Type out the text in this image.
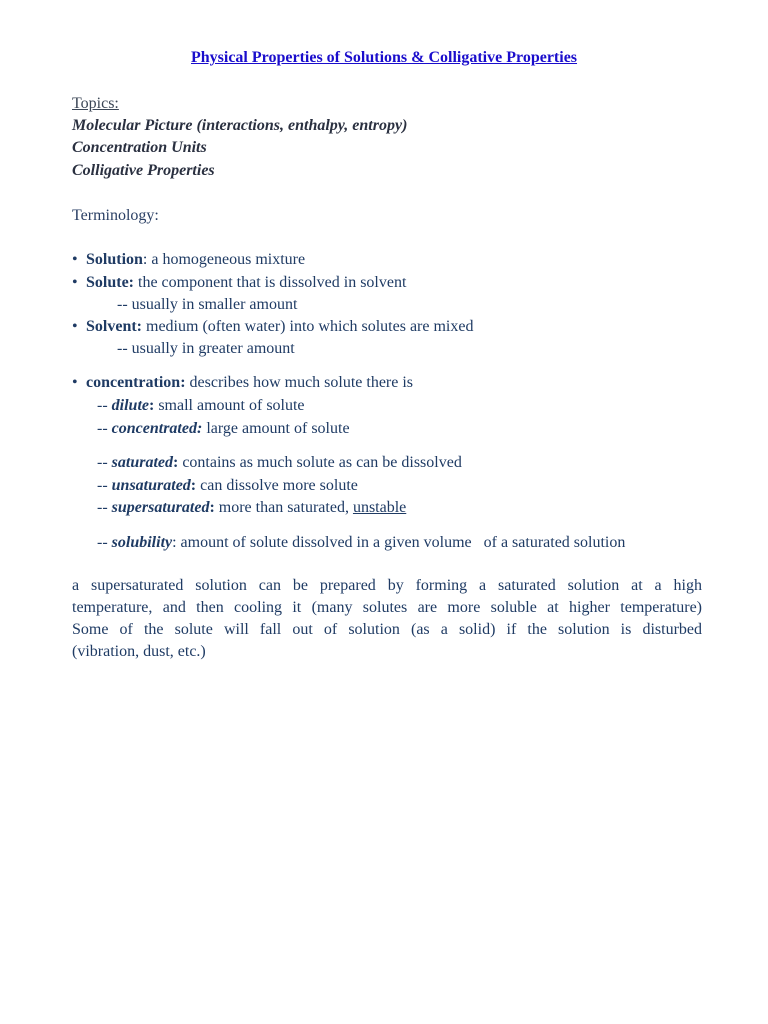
Physical Properties of Solutions & Colligative Properties
Topics:
Molecular Picture (interactions, enthalpy, entropy)
Concentration Units
Colligative Properties
Terminology:
• Solution: a homogeneous mixture
• Solute: the component that is dissolved in solvent
-- usually in smaller amount
• Solvent: medium (often water) into which solutes are mixed
-- usually in greater amount
• concentration: describes how much solute there is
-- dilute: small amount of solute
-- concentrated: large amount of solute
-- saturated: contains as much solute as can be dissolved
-- unsaturated: can dissolve more solute
-- supersaturated: more than saturated, unstable
-- solubility: amount of solute dissolved in a given volume   of a saturated solution
a supersaturated solution can be prepared by forming a saturated solution at a high
temperature, and then cooling it (many solutes are more soluble at higher temperature)
Some of the solute will fall out of solution (as a solid) if the solution is disturbed
(vibration, dust, etc.)
